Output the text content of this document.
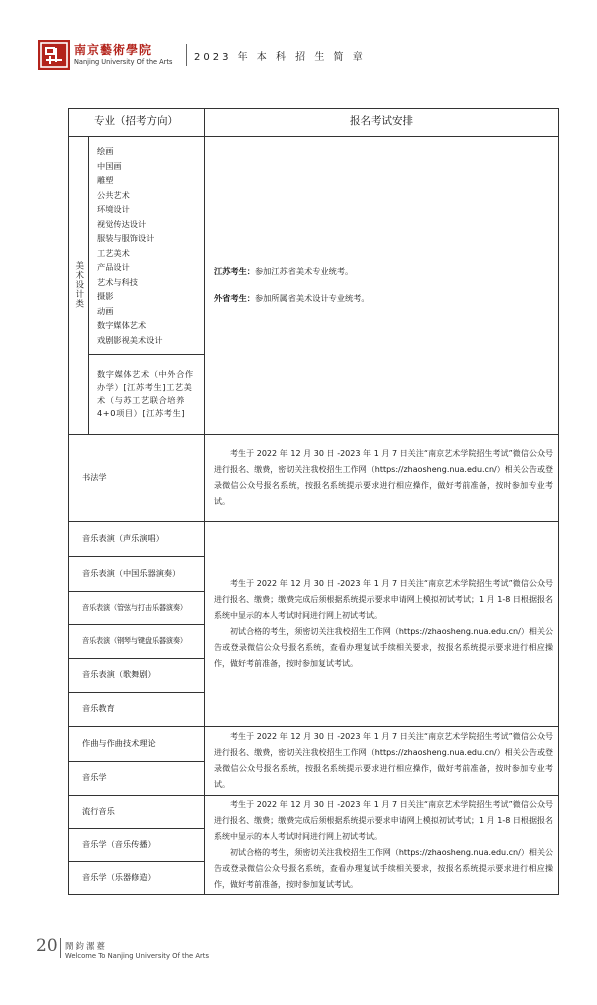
南京藝術學院
Nanjing University Of the Arts 2023 年 本 科 招 生 简 章
专业（招考方向）	报名考试安排
美术设计类
绘画
中国画
雕塑
公共艺术
环境设计
视觉传达设计
服装与服饰设计
工艺美术
产品设计
艺术与科技
摄影
动画
数字媒体艺术
戏剧影视美术设计
数字媒体艺术（中外合作办学）[江苏考生]工艺美术（与苏工艺联合培养4+0项目）[江苏考生]

江苏考生：参加江苏省美术专业统考。

外省考生：参加所属省美术设计专业统考。

书法学

考生于 2022 年 12 月 30 日 -2023 年 1 月 7 日关注“南京艺术学院招生考试”微信公众号进行报名、缴费，密切关注我校招生工作网（https://zhaosheng.nua.edu.cn/）相关公告或登录微信公众号报名系统，按报名系统提示要求进行相应操作，做好考前准备，按时参加专业考试。

音乐表演（声乐演唱）
音乐表演（中国乐器演奏）
音乐表演（管弦与打击乐器演奏）
音乐表演（钢琴与键盘乐器演奏）
音乐表演（歌舞剧）
音乐教育

考生于 2022 年 12 月 30 日 -2023 年 1 月 7 日关注“南京艺术学院招生考试”微信公众号进行报名、缴费；缴费完成后须根据系统提示要求申请网上模拟初试考试；1 月 1-8 日根据报名系统中显示的本人考试时间进行网上初试考试。

初试合格的考生，须密切关注我校招生工作网（https://zhaosheng.nua.edu.cn/）相关公告或登录微信公众号报名系统，查看办理复试手续相关要求，按报名系统提示要求进行相应操作，做好考前准备，按时参加复试考试。

作曲与作曲技术理论
音乐学

考生于 2022 年 12 月 30 日 -2023 年 1 月 7 日关注“南京艺术学院招生考试”微信公众号进行报名、缴费，密切关注我校招生工作网（https://zhaosheng.nua.edu.cn/）相关公告或登录微信公众号报名系统，按报名系统提示要求进行相应操作，做好考前准备，按时参加专业考试。

流行音乐
音乐学（音乐传播）
音乐学（乐器修造）

考生于 2022 年 12 月 30 日 -2023 年 1 月 7 日关注“南京艺术学院招生考试”微信公众号进行报名、缴费；缴费完成后须根据系统提示要求申请网上模拟初试考试；1 月 1-8 日根据报名系统中显示的本人考试时间进行网上初试考试。

初试合格的考生，须密切关注我校招生工作网（https://zhaosheng.nua.edu.cn/）相关公告或登录微信公众号报名系统，查看办理复试手续相关要求，按报名系统提示要求进行相应操作，做好考前准备，按时参加复试考试。

20 鬧鈞漯薹
Welcome To Nanjing University Of the Arts
